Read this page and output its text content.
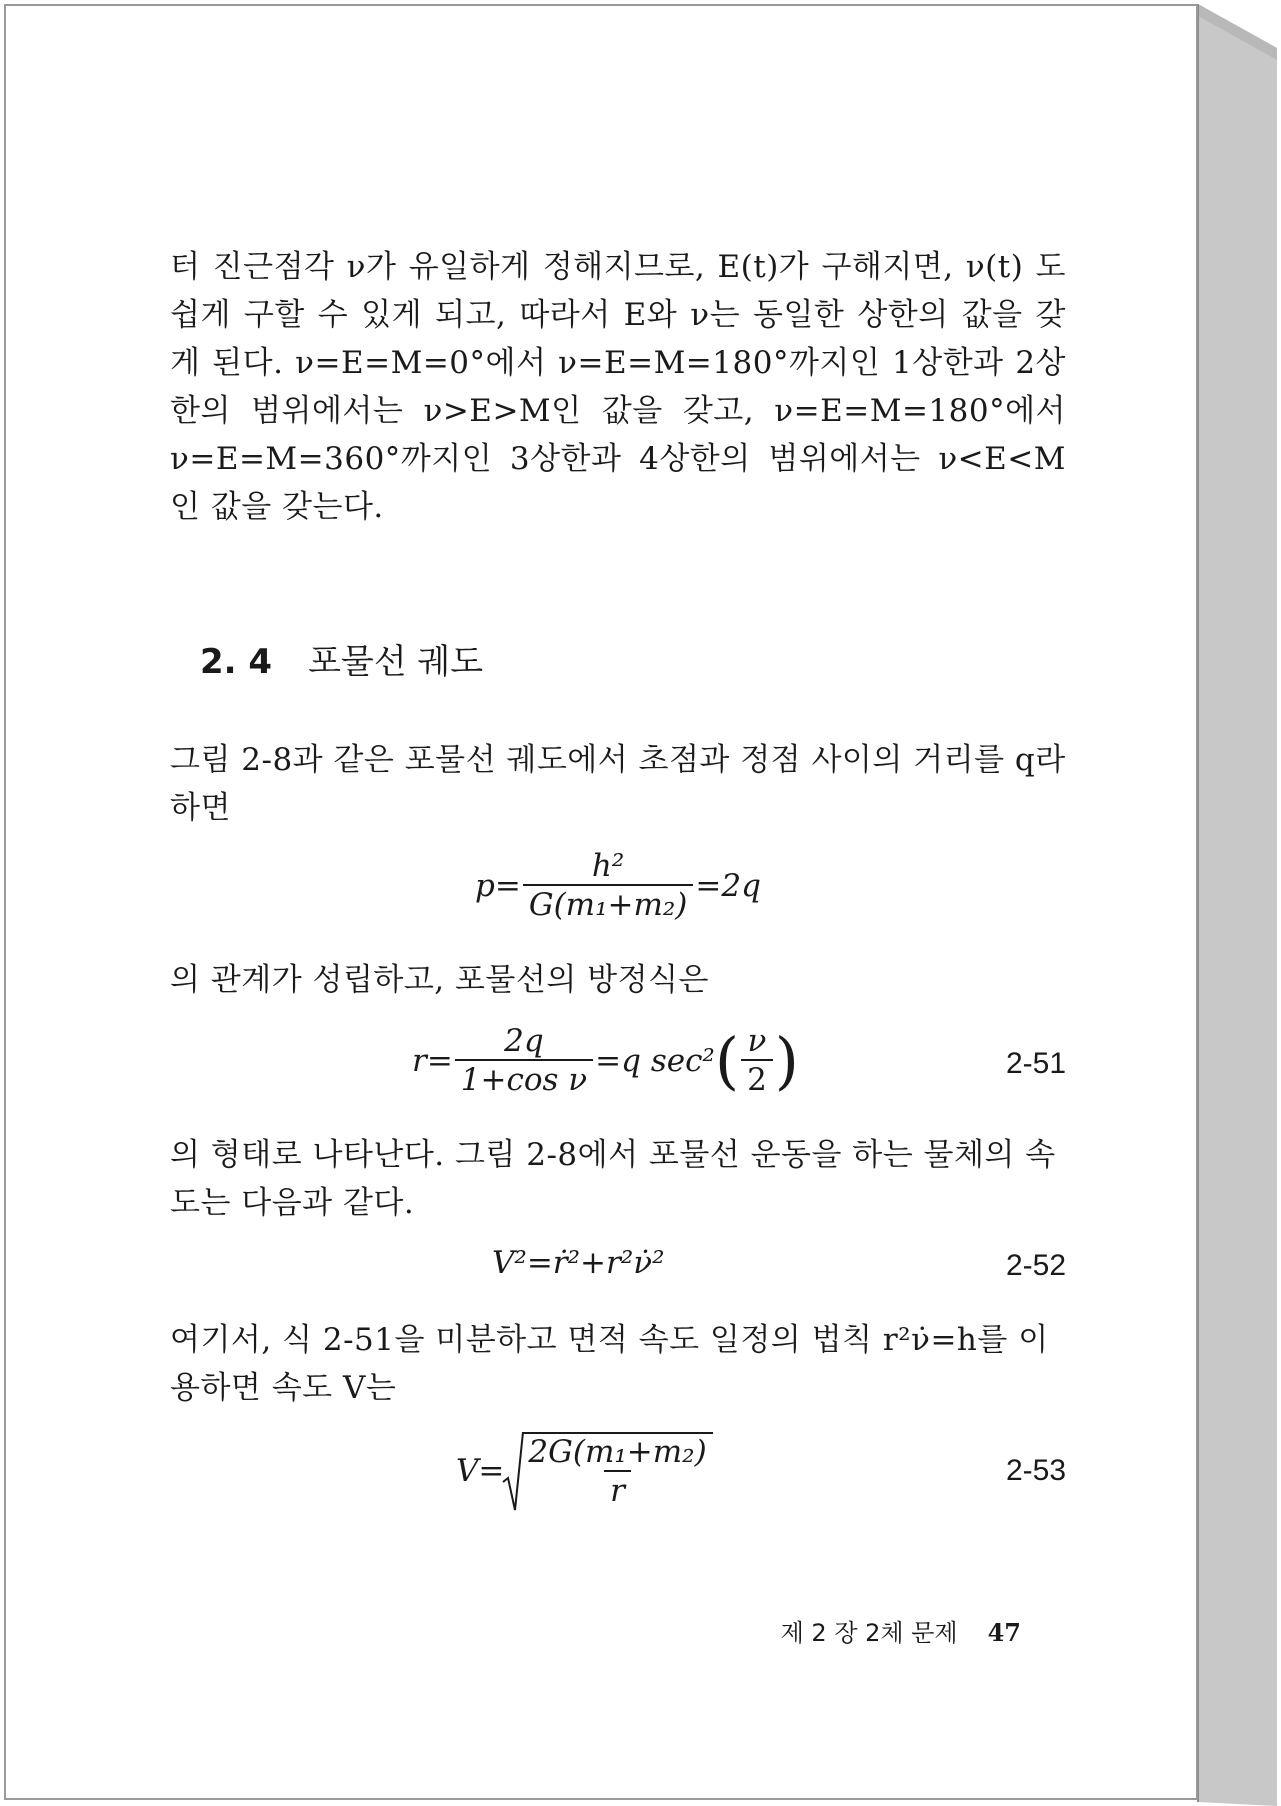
터 진근점각 ν가 유일하게 정해지므로, E(t)가 구해지면, ν(t) 도 쉽게 구할 수 있게 되고, 따라서 E와 ν는 동일한 상한의 값을 갖게 된다. ν=E=M=0°에서 ν=E=M=180°까지인 1상한과 2상한의 범위에서는 ν>E>M인 값을 갖고, ν=E=M=180°에서 ν=E=M=360°까지인 3상한과 4상한의 범위에서는 ν<E<M인 값을 갖는다.
2. 4 포물선 궤도
그림 2-8과 같은 포물선 궤도에서 초점과 정점 사이의 거리를 q라 하면
$p= \frac{\text{h²}}{\text{G(m₁+m₂)}} =2q$
의 관계가 성립하고, 포물선의 방정식은
$r= \frac{2q}{\text{1+cos ν}} =q$ sec² ( $\frac{\nu}{2}$ )	2-51
의 형태로 나타난다. 그림 2-8에서 포물선 운동을 하는 물체의 속도는 다음과 같다.
V²=ṙ²+r²ν̇²	2-52
여기서, 식 2-51을 미분하고 면적 속도 일정의 법칙 r²ν̇=h를 이용하면 속도 V는
$V= \frac{\text{2G(m₁+m₂)}}{r}$	2-53
제 2 장 2체 문제 47
